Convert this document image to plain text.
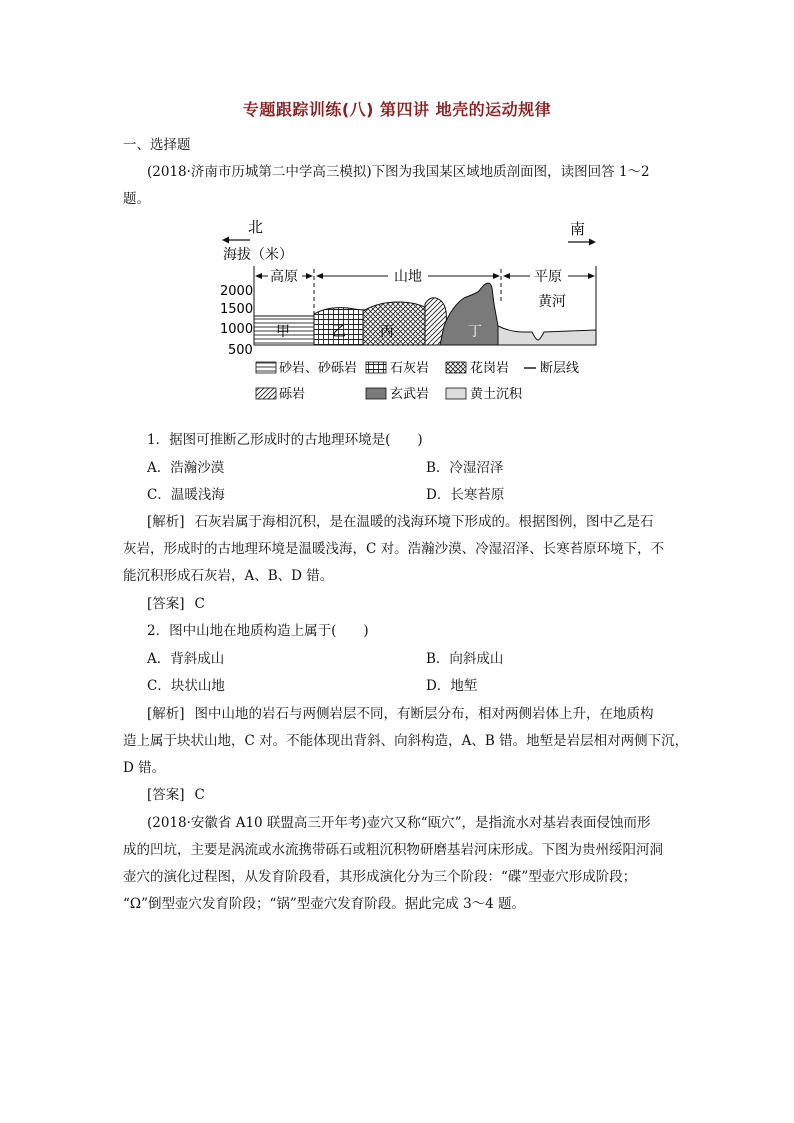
专题跟踪训练(八) 第四讲 地壳的运动规律
一、选择题
(2018·济南市历城第二中学高三模拟)下图为我国某区域地质剖面图，读图回答 1～2
题。
北	南
海拔（米）
高原	山地	平原
黄河
2000
1500
1000
500
甲	乙 丙	丁
砂岩、砂砾岩	石灰岩	花岗岩 断层线
砾岩	玄武岩	黄土沉积
1．据图可推断乙形成时的古地理环境是(　　)
A．浩瀚沙漠	B．冷湿沼泽
C．温暖浅海	D．长寒苔原
[解析] 石灰岩属于海相沉积，是在温暖的浅海环境下形成的。根据图例，图中乙是石
灰岩，形成时的古地理环境是温暖浅海，C 对。浩瀚沙漠、冷湿沼泽、长寒苔原环境下，不
能沉积形成石灰岩，A、B、D 错。
[答案] C
2．图中山地在地质构造上属于(　　)
A．背斜成山	B．向斜成山
C．块状山地	D．地堑
[解析] 图中山地的岩石与两侧岩层不同，有断层分布，相对两侧岩体上升，在地质构
造上属于块状山地，C 对。不能体现出背斜、向斜构造，A、B 错。地堑是岩层相对两侧下沉，
D 错。
[答案] C
(2018·安徽省 A10 联盟高三开年考)壶穴又称“瓯穴”，是指流水对基岩表面侵蚀而形
成的凹坑，主要是涡流或水流携带砾石或粗沉积物研磨基岩河床形成。下图为贵州绥阳河洞
壶穴的演化过程图，从发育阶段看，其形成演化分为三个阶段：“碟”型壶穴形成阶段；
“Ω”倒型壶穴发育阶段；“锅”型壶穴发育阶段。据此完成 3～4 题。
